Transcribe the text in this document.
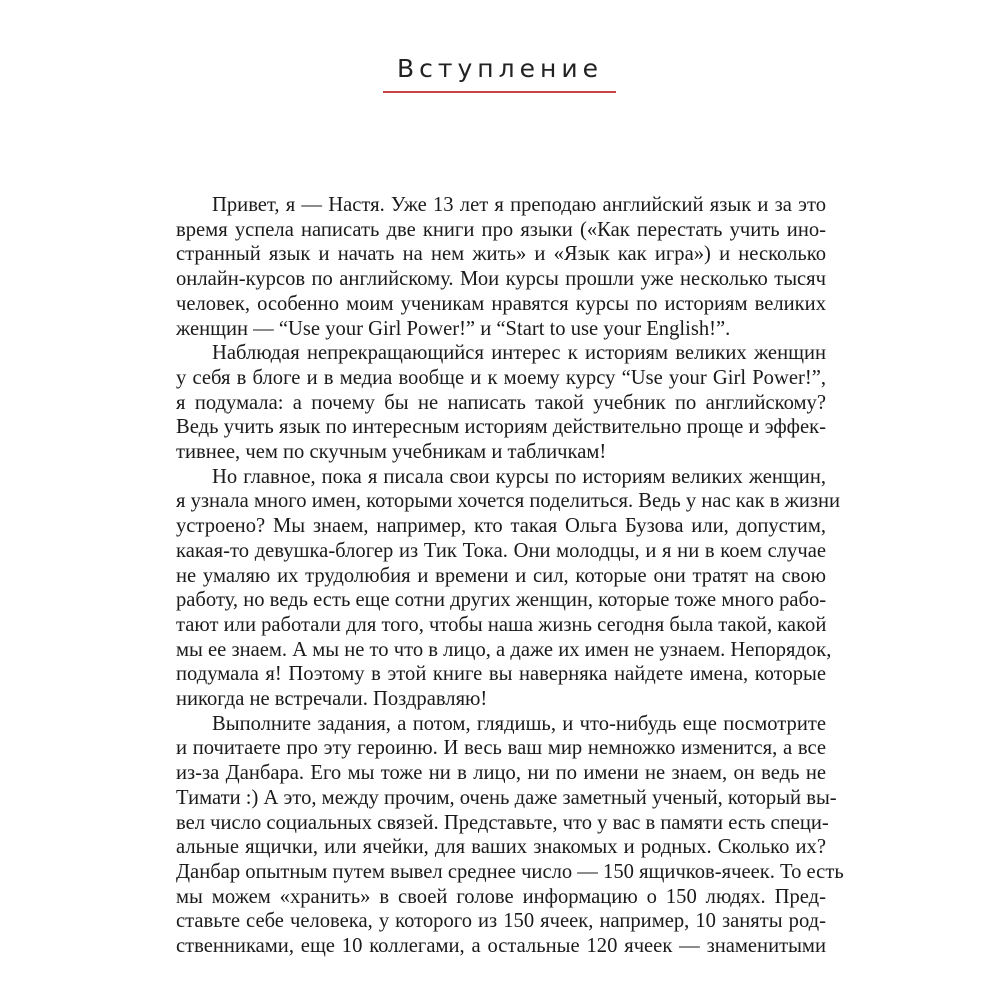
Вступление

Привет, я — Настя. Уже 13 лет я преподаю английский язык и за это
время успела написать две книги про языки («Как перестать учить ино-
странный язык и начать на нем жить» и «Язык как игра») и несколько
онлайн-курсов по английскому. Мои курсы прошли уже несколько тысяч
человек, особенно моим ученикам нравятся курсы по историям великих
женщин — “Use your Girl Power!” и “Start to use your English!”.

Наблюдая непрекращающийся интерес к историям великих женщин
у себя в блоге и в медиа вообще и к моему курсу “Use your Girl Power!”,
я подумала: а почему бы не написать такой учебник по английскому?
Ведь учить язык по интересным историям действительно проще и эффек-
тивнее, чем по скучным учебникам и табличкам!

Но главное, пока я писала свои курсы по историям великих женщин,
я узнала много имен, которыми хочется поделиться. Ведь у нас как в жизни
устроено? Мы знаем, например, кто такая Ольга Бузова или, допустим,
какая-то девушка-блогер из Тик Тока. Они молодцы, и я ни в коем случае
не умаляю их трудолюбия и времени и сил, которые они тратят на свою
работу, но ведь есть еще сотни других женщин, которые тоже много рабо-
тают или работали для того, чтобы наша жизнь сегодня была такой, какой
мы ее знаем. А мы не то что в лицо, а даже их имен не узнаем. Непорядок,
подумала я! Поэтому в этой книге вы наверняка найдете имена, которые
никогда не встречали. Поздравляю!

Выполните задания, а потом, глядишь, и что-нибудь еще посмотрите
и почитаете про эту героиню. И весь ваш мир немножко изменится, а все
из-за Данбара. Его мы тоже ни в лицо, ни по имени не знаем, он ведь не
Тимати :) А это, между прочим, очень даже заметный ученый, который вы-
вел число социальных связей. Представьте, что у вас в памяти есть специ-
альные ящички, или ячейки, для ваших знакомых и родных. Сколько их?
Данбар опытным путем вывел среднее число — 150 ящичков-ячеек. То есть
мы можем «хранить» в своей голове информацию о 150 людях. Пред-
ставьте себе человека, у которого из 150 ячеек, например, 10 заняты род-
ственниками, еще 10 коллегами, а остальные 120 ячеек — знаменитыми
